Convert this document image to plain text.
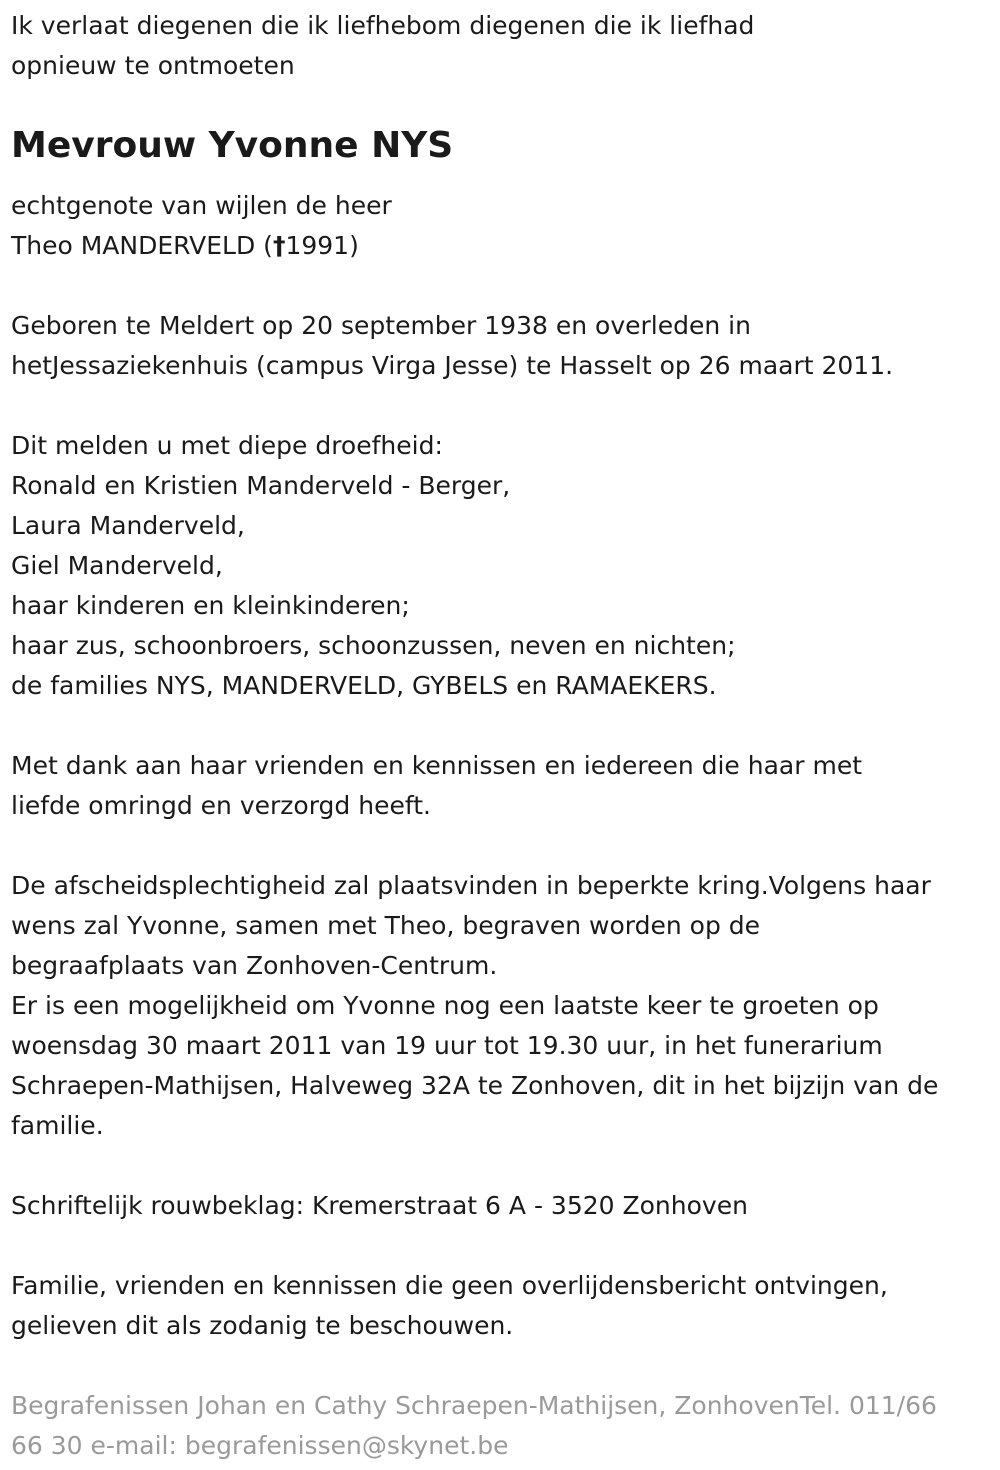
Ik verlaat diegenen die ik liefhebom diegenen die ik liefhad
opnieuw te ontmoeten
Mevrouw Yvonne NYS
echtgenote van wijlen de heer
Theo MANDERVELD (†1991)
Geboren te Meldert op 20 september 1938 en overleden in
hetJessaziekenhuis (campus Virga Jesse) te Hasselt op 26 maart 2011.
Dit melden u met diepe droefheid:
Ronald en Kristien Manderveld - Berger,
Laura Manderveld,
Giel Manderveld,
haar kinderen en kleinkinderen;
haar zus, schoonbroers, schoonzussen, neven en nichten;
de families NYS, MANDERVELD, GYBELS en RAMAEKERS.
Met dank aan haar vrienden en kennissen en iedereen die haar met
liefde omringd en verzorgd heeft.
De afscheidsplechtigheid zal plaatsvinden in beperkte kring.Volgens haar
wens zal Yvonne, samen met Theo, begraven worden op de
begraafplaats van Zonhoven-Centrum.
Er is een mogelijkheid om Yvonne nog een laatste keer te groeten op
woensdag 30 maart 2011 van 19 uur tot 19.30 uur, in het funerarium
Schraepen-Mathijsen, Halveweg 32A te Zonhoven, dit in het bijzijn van de
familie.
Schriftelijk rouwbeklag: Kremerstraat 6 A - 3520 Zonhoven
Familie, vrienden en kennissen die geen overlijdensbericht ontvingen,
gelieven dit als zodanig te beschouwen.
Begrafenissen Johan en Cathy Schraepen-Mathijsen, ZonhovenTel. 011/66
66 30 e-mail: begrafenissen@skynet.be
